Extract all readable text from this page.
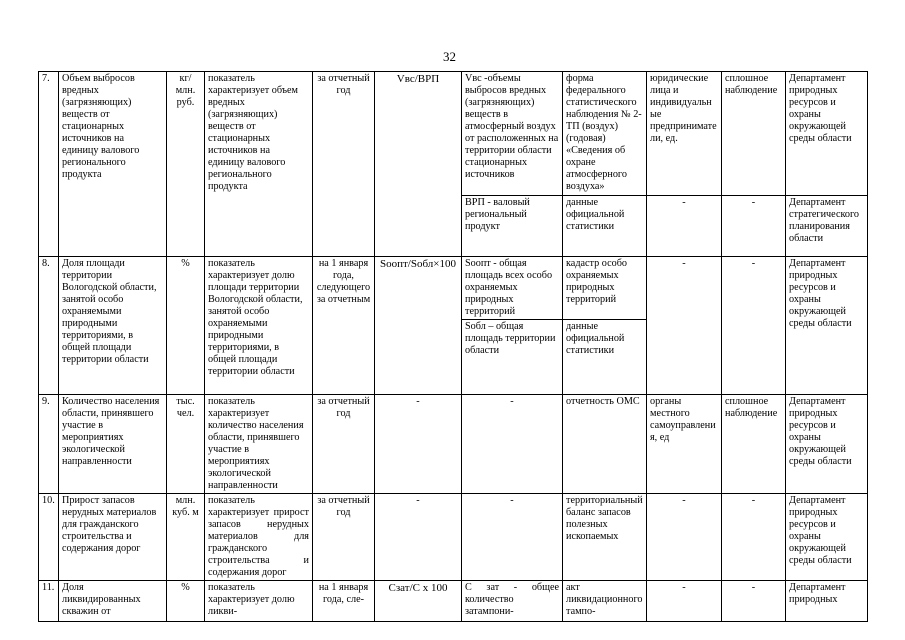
32
7.	Объем выбросов вредных (загрязняющих) веществ от стационарных источников на единицу валового регионального продукта	кг/млн. руб.	показатель характеризует объем вредных (загрязняющих) веществ от стационарных источников на единицу валового регионального продукта	за отчетный год	Vвс/ВРП	Vвс -объемы выбросов вредных (загрязняющих) веществ в атмосферный воздух от расположенных на территории области стационарных источников	форма федерального статистического наблюдения № 2-ТП (воздух) (годовая) «Сведения об охране атмосферного воздуха»	юридические лица и индивидуальные предприниматели, ед.	сплошное наблюдение	Департамент природных ресурсов и охраны окружающей среды области
						ВРП - валовый региональный продукт	данные официальной статистики	-	-	Департамент стратегического планирования области
8.	Доля площади территории Вологодской области, занятой особо охраняемыми природными территориями, в общей площади территории области	%	показатель характеризует долю площади территории Вологодской области, занятой особо охраняемыми природными территориями, в общей площади территории области	на 1 января года, следующего за отчетным	Sоопт/Sобл×100	Sоопт - общая площадь всех особо охраняемых природных территорий	кадастр особо охраняемых природных территорий	-	-	Департамент природных ресурсов и охраны окружающей среды области
						Sобл – общая площадь территории области	данные официальной статистики			
9.	Количество населения области, принявшего участие в мероприятиях экологической направленности	тыс. чел.	показатель характеризует количество населения области, принявшего участие в мероприятиях экологической направленности	за отчетный год	-	-	отчетность ОМС	органы местного самоуправления, ед	сплошное наблюдение	Департамент природных ресурсов и охраны окружающей среды области
10.	Прирост запасов нерудных материалов для гражданского строительства и содержания дорог	млн. куб. м	показатель характеризует прирост запасов нерудных материалов для гражданского строительства и содержания дорог	за отчетный год	-	-	территориальный баланс запасов полезных ископаемых	-	-	Департамент природных ресурсов и охраны окружающей среды области
11.	Доля ликвидированных скважин от	%	показатель характеризует долю ликви-	на 1 января года, сле-	Сзат/С х 100	С зат - общее количество затампони-	акт ликвидационного тампо-	-	-	Департамент природных
